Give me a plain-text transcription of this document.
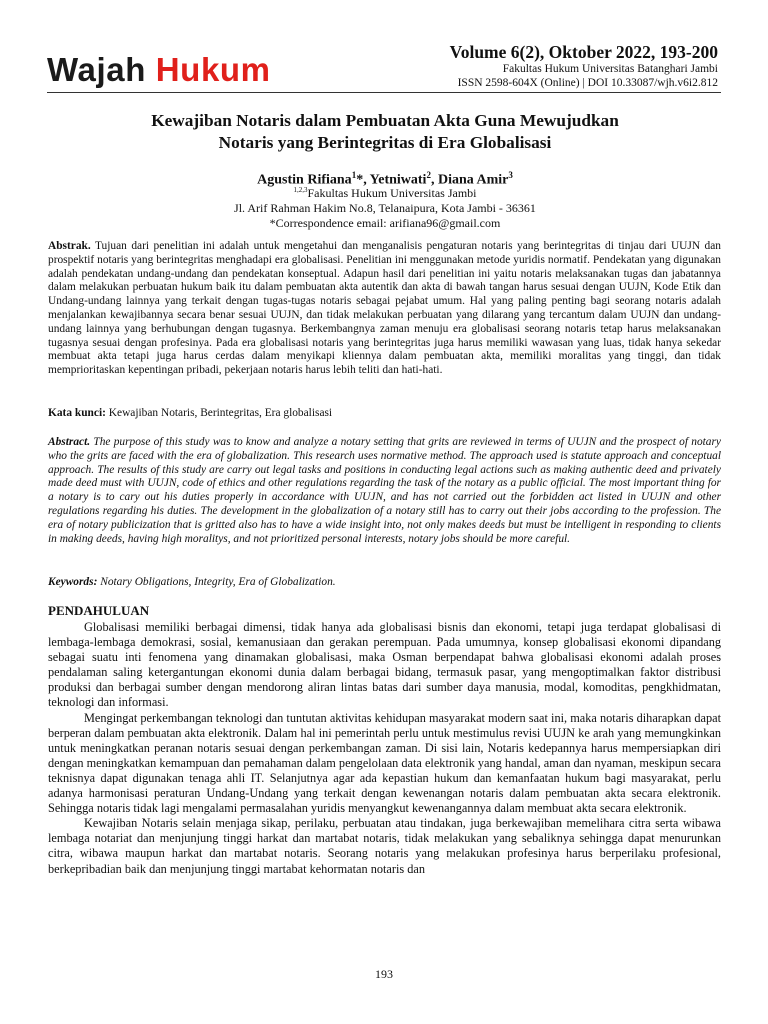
Wajah Hukum	Volume 6(2), Oktober 2022, 193-200
Fakultas Hukum Universitas Batanghari Jambi
ISSN 2598-604X (Online) | DOI 10.33087/wjh.v6i2.812
Kewajiban Notaris dalam Pembuatan Akta Guna Mewujudkan
Notaris yang Berintegritas di Era Globalisasi
Agustin Rifiana$^1$*, Yetniwati$^2$, Diana Amir$^3$
$^{1,2,3}$Fakultas Hukum Universitas Jambi
Jl. Arif Rahman Hakim No.8, Telanaipura, Kota Jambi - 36361
*Correspondence email: arifiana96@gmail.com
Abstrak. Tujuan dari penelitian ini adalah untuk mengetahui dan menganalisis pengaturan notaris yang berintegritas di tinjau dari UUJN dan prospektif notaris yang berintegritas menghadapi era globalisasi. Penelitian ini menggunakan metode yuridis normatif. Pendekatan yang digunakan adalah pendekatan undang-undang dan pendekatan konseptual. Adapun hasil dari penelitian ini yaitu notaris melaksanakan tugas dan jabatannya dalam melakukan perbuatan hukum baik itu dalam pembuatan akta autentik dan akta di bawah tangan harus sesuai dengan UUJN, Kode Etik dan Undang-undang lainnya yang terkait dengan tugas-tugas notaris sebagai pejabat umum. Hal yang paling penting bagi seorang notaris adalah menjalankan kewajibannya secara benar sesuai UUJN, dan tidak melakukan perbuatan yang dilarang yang tercantum dalam UUJN dan undang-undang lainnya yang berhubungan dengan tugasnya. Berkembangnya zaman menuju era globalisasi seorang notaris tetap harus melaksanakan tugasnya sesuai dengan profesinya. Pada era globalisasi notaris yang berintegritas juga harus memiliki wawasan yang luas, tidak hanya sekedar membuat akta tetapi juga harus cerdas dalam menyikapi kliennya dalam pembuatan akta, memiliki moralitas yang tinggi, dan tidak memprioritaskan kepentingan pribadi, pekerjaan notaris harus lebih teliti dan hati-hati.
Kata kunci: Kewajiban Notaris, Berintegritas, Era globalisasi
Abstract. The purpose of this study was to know and analyze a notary setting that grits are reviewed in terms of UUJN and the prospect of notary who the grits are faced with the era of globalization. This research uses normative method. The approach used is statute approach and conceptual approach. The results of this study are carry out legal tasks and positions in conducting legal actions such as making authentic deed and privately made deed must with UUJN, code of ethics and other regulations regarding the task of the notary as a public official. The most important thing for a notary is to cary out his duties properly in accordance with UUJN, and has not carried out the forbidden act listed in UUJN and other regulations regarding his duties. The development in the globalization of a notary still has to carry out their jobs according to the profession. The era of notary publicization that is gritted also has to have a wide insight into, not only makes deeds but must be intelligent in responding to clients in making deeds, having high moralitys, and not prioritized personal interests, notary jobs should be more careful.
Keywords: Notary Obligations, Integrity, Era of Globalization.
PENDAHULUAN

Globalisasi memiliki berbagai dimensi, tidak hanya ada globalisasi bisnis dan ekonomi, tetapi juga terdapat globalisasi di lembaga-lembaga demokrasi, sosial, kemanusiaan dan gerakan perempuan. Pada umumnya, konsep globalisasi ekonomi dipandang sebagai suatu inti fenomena yang dinamakan globalisasi, maka Osman berpendapat bahwa globalisasi ekonomi adalah proses pendalaman saling ketergantungan ekonomi dunia dalam berbagai bidang, termasuk pasar, yang mengoptimalkan faktor distribusi produksi dan berbagai sumber dengan mendorong aliran lintas batas dari sumber daya manusia, modal, komoditas, pengkhidmatan, teknologi dan informasi.

Mengingat perkembangan teknologi dan tuntutan aktivitas kehidupan masyarakat modern saat ini, maka notaris diharapkan dapat berperan dalam pembuatan akta elektronik. Dalam hal ini pemerintah perlu untuk mestimulus revisi UUJN ke arah yang memungkinkan untuk meningkatkan peranan notaris sesuai dengan perkembangan zaman. Di sisi lain, Notaris kedepannya harus mempersiapkan diri dengan meningkatkan kemampuan dan pemahaman dalam pengelolaan data elektronik yang handal, aman dan nyaman, meskipun secara teknisnya dapat digunakan tenaga ahli IT. Selanjutnya agar ada kepastian hukum dan kemanfaatan hukum bagi masyarakat, perlu adanya harmonisasi peraturan Undang-Undang yang terkait dengan kewenangan notaris dalam pembuatan akta secara elektronik. Sehingga notaris tidak lagi mengalami permasalahan yuridis menyangkut kewenangannya dalam membuat akta secara elektronik.

Kewajiban Notaris selain menjaga sikap, perilaku, perbuatan atau tindakan, juga berkewajiban memelihara citra serta wibawa lembaga notariat dan menjunjung tinggi harkat dan martabat notaris, tidak melakukan yang sebaliknya sehingga dapat menurunkan citra, wibawa maupun harkat dan martabat notaris. Seorang notaris yang melakukan profesinya harus berperilaku profesional, berkepribadian baik dan menjunjung tinggi martabat kehormatan notaris dan

193
